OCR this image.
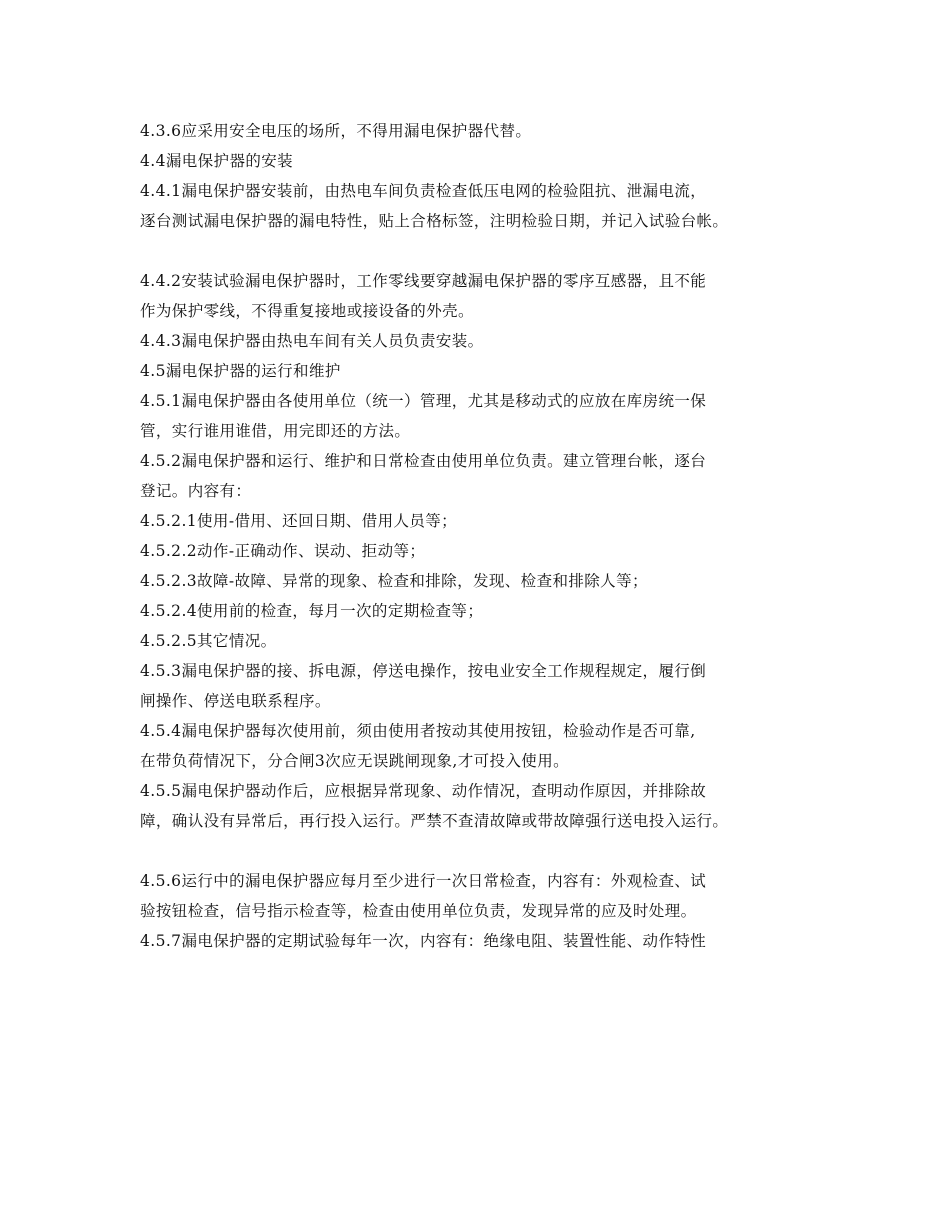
4.3.6应采用安全电压的场所，不得用漏电保护器代替。
4.4漏电保护器的安装
4.4.1漏电保护器安装前，由热电车间负责检查低压电网的检验阻抗、泄漏电流，
逐台测试漏电保护器的漏电特性，贴上合格标签，注明检验日期，并记入试验台帐。
4.4.2安装试验漏电保护器时，工作零线要穿越漏电保护器的零序互感器，且不能
作为保护零线，不得重复接地或接设备的外壳。
4.4.3漏电保护器由热电车间有关人员负责安装。
4.5漏电保护器的运行和维护
4.5.1漏电保护器由各使用单位（统一）管理，尤其是移动式的应放在库房统一保
管，实行谁用谁借，用完即还的方法。
4.5.2漏电保护器和运行、维护和日常检查由使用单位负责。建立管理台帐，逐台
登记。内容有：
4.5.2.1使用-借用、还回日期、借用人员等；
4.5.2.2动作-正确动作、误动、拒动等；
4.5.2.3故障-故障、异常的现象、检查和排除，发现、检查和排除人等；
4.5.2.4使用前的检查，每月一次的定期检查等；
4.5.2.5其它情况。
4.5.3漏电保护器的接、拆电源，停送电操作，按电业安全工作规程规定，履行倒
闸操作、停送电联系程序。
4.5.4漏电保护器每次使用前，须由使用者按动其使用按钮，检验动作是否可靠,
在带负荷情况下，分合闸3次应无误跳闸现象,才可投入使用。
4.5.5漏电保护器动作后，应根据异常现象、动作情况，查明动作原因，并排除故
障，确认没有异常后，再行投入运行。严禁不查清故障或带故障强行送电投入运行。
4.5.6运行中的漏电保护器应每月至少进行一次日常检查，内容有：外观检查、试
验按钮检查，信号指示检查等，检查由使用单位负责，发现异常的应及时处理。
4.5.7漏电保护器的定期试验每年一次，内容有：绝缘电阻、装置性能、动作特性
